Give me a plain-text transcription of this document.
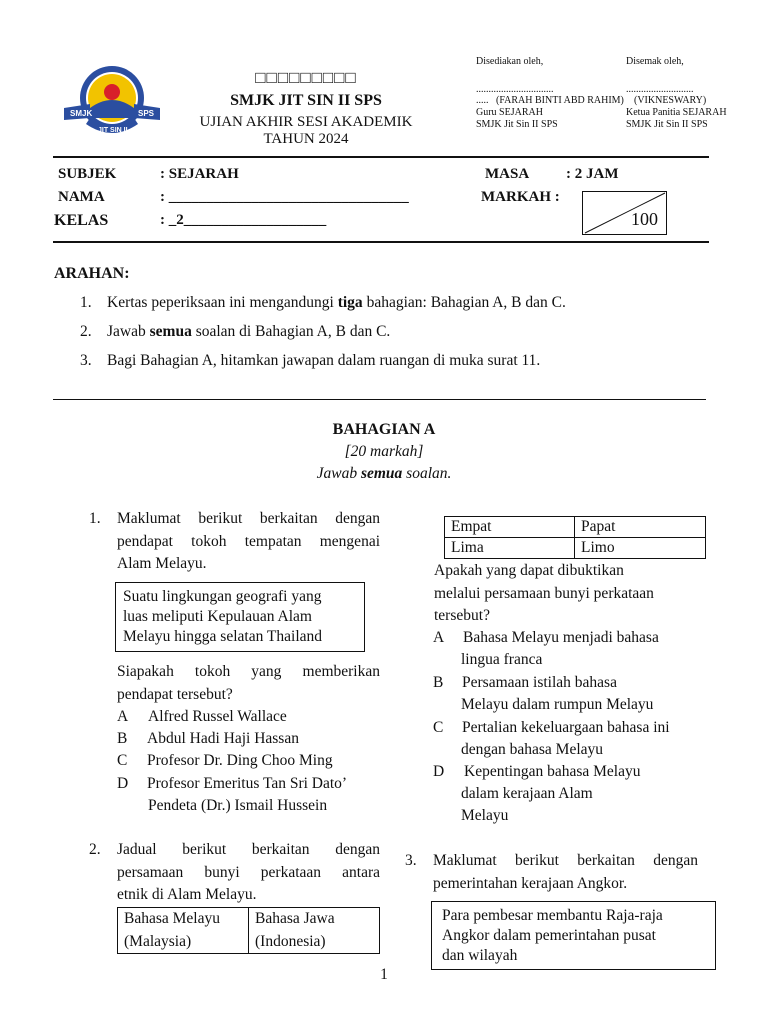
SMJK	SPS
JIT SIN II
□□□□□□□□□
SMJK JIT SIN II SPS
UJIAN AKHIR SESI AKADEMIK
TAHUN 2024
Disediakan oleh,	Disemak oleh,
...............................	...........................
..... (FARAH BINTI ABD RAHIM) (VIKNESWARY)
Guru SEJARAH	Ketua Panitia SEJARAH
SMJK Jit Sin II SPS	SMJK Jit Sin II SPS
SUBJEK	: SEJARAH
NAMA	: ________________________________
KELAS	: _2___________________
MASA : 2 JAM
MARKAH :
100
ARAHAN:
1. Kertas peperiksaan ini mengandungi tiga bahagian: Bahagian A, B dan C.
2. Jawab semua soalan di Bahagian A, B dan C.
3. Bagi Bahagian A, hitamkan jawapan dalam ruangan di muka surat 11.
BAHAGIAN A
[20 markah]
Jawab semua soalan.
1. Maklumat berikut berkaitan dengan
pendapat tokoh tempatan mengenai
Alam Melayu.
Suatu lingkungan geografi yang
luas meliputi Kepulauan Alam
Melayu hingga selatan Thailand
Siapakah tokoh yang memberikan
pendapat tersebut?
A Alfred Russel Wallace
B Abdul Hadi Haji Hassan
C Profesor Dr. Ding Choo Ming
D Profesor Emeritus Tan Sri Dato’
Pendeta (Dr.) Ismail Hussein
2. Jadual berikut berkaitan dengan
persamaan bunyi perkataan antara
etnik di Alam Melayu.
Bahasa Melayu
(Malaysia)

Bahasa Jawa
(Indonesia)
Empat	Papat
Lima	Limo
Apakah yang dapat dibuktikan
melalui persamaan bunyi perkataan
tersebut?
A Bahasa Melayu menjadi bahasa
lingua franca
B Persamaan istilah bahasa
Melayu dalam rumpun Melayu
C Pertalian kekeluargaan bahasa ini
dengan bahasa Melayu
D Kepentingan bahasa Melayu
dalam kerajaan Alam
Melayu
3. Maklumat berikut berkaitan dengan
pemerintahan kerajaan Angkor.
Para pembesar membantu Raja-raja
Angkor dalam pemerintahan pusat
dan wilayah
1
